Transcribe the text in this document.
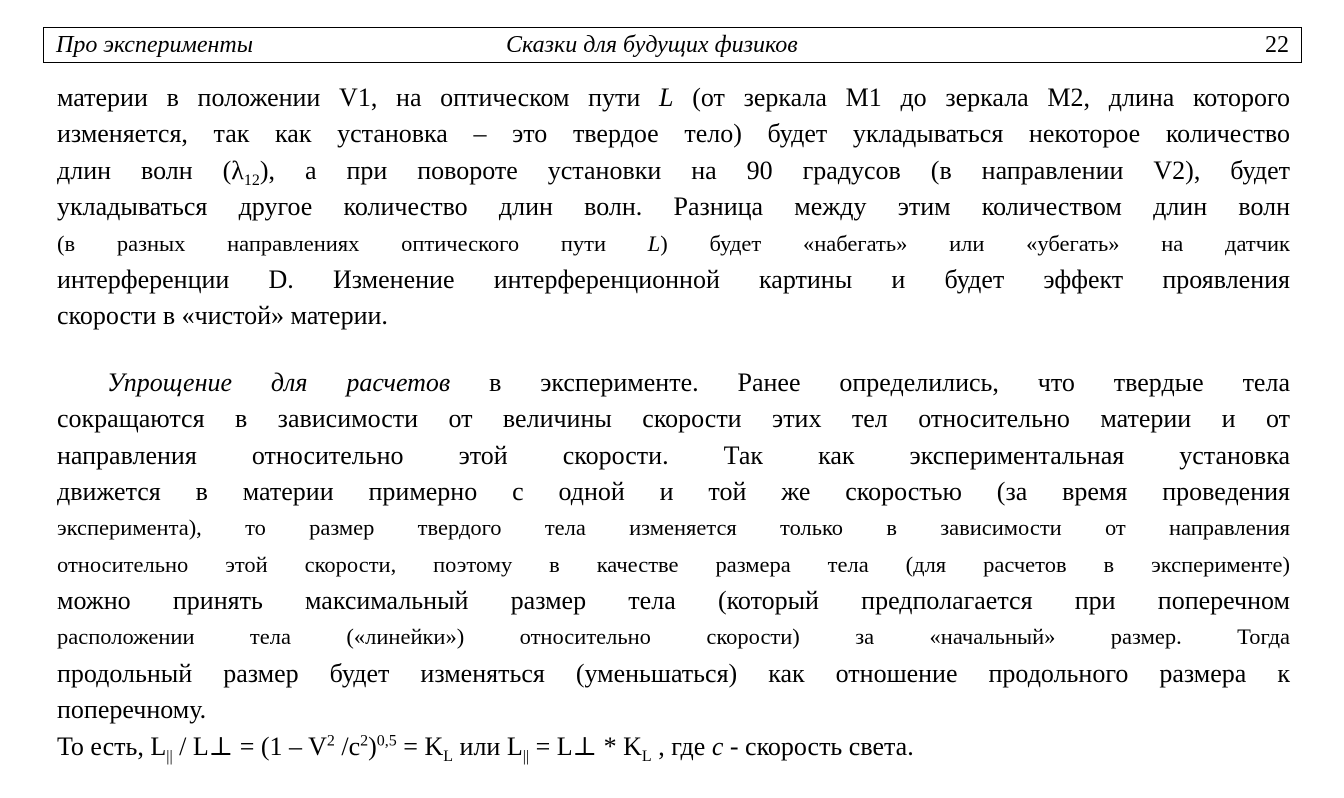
Про эксперименты	Сказки для будущих физиков	22
материи в положении V1, на оптическом пути L (от зеркала М1 до зеркала М2, длина которого
изменяется, так как установка – это твердое тело) будет укладываться некоторое количество
длин волн $(\lambda_{12})$, а при повороте установки на 90 градусов (в направлении V2), будет
укладываться другое количество длин волн. Разница между этим количеством длин волн
(в разных направлениях оптического пути L) будет «набегать» или «убегать» на датчик
интерференции D. Изменение интерференционной картины и будет эффект проявления
скорости в «чистой» материи.
Упрощение для расчетов в эксперименте. Ранее определились, что твердые тела
сокращаются в зависимости от величины скорости этих тел относительно материи и от
направления относительно этой скорости. Так как экспериментальная установка
движется в материи примерно с одной и той же скоростью (за время проведения
эксперимента), то размер твердого тела изменяется только в зависимости от направления
относительно этой скорости, поэтому в качестве размера тела (для расчетов в эксперименте)
можно принять максимальный размер тела (который предполагается при поперечном
расположении тела («линейки») относительно скорости) за «начальный» размер. Тогда
продольный размер будет изменяться (уменьшаться) как отношение продольного размера к
поперечному.
То есть, $L_{||}$ / L⊥ = ($1 - V^2$ $/c^2)^{0,5} = K_L$ или $L_{||}$ = L⊥ * $K_L$ , где c - скорость света.
